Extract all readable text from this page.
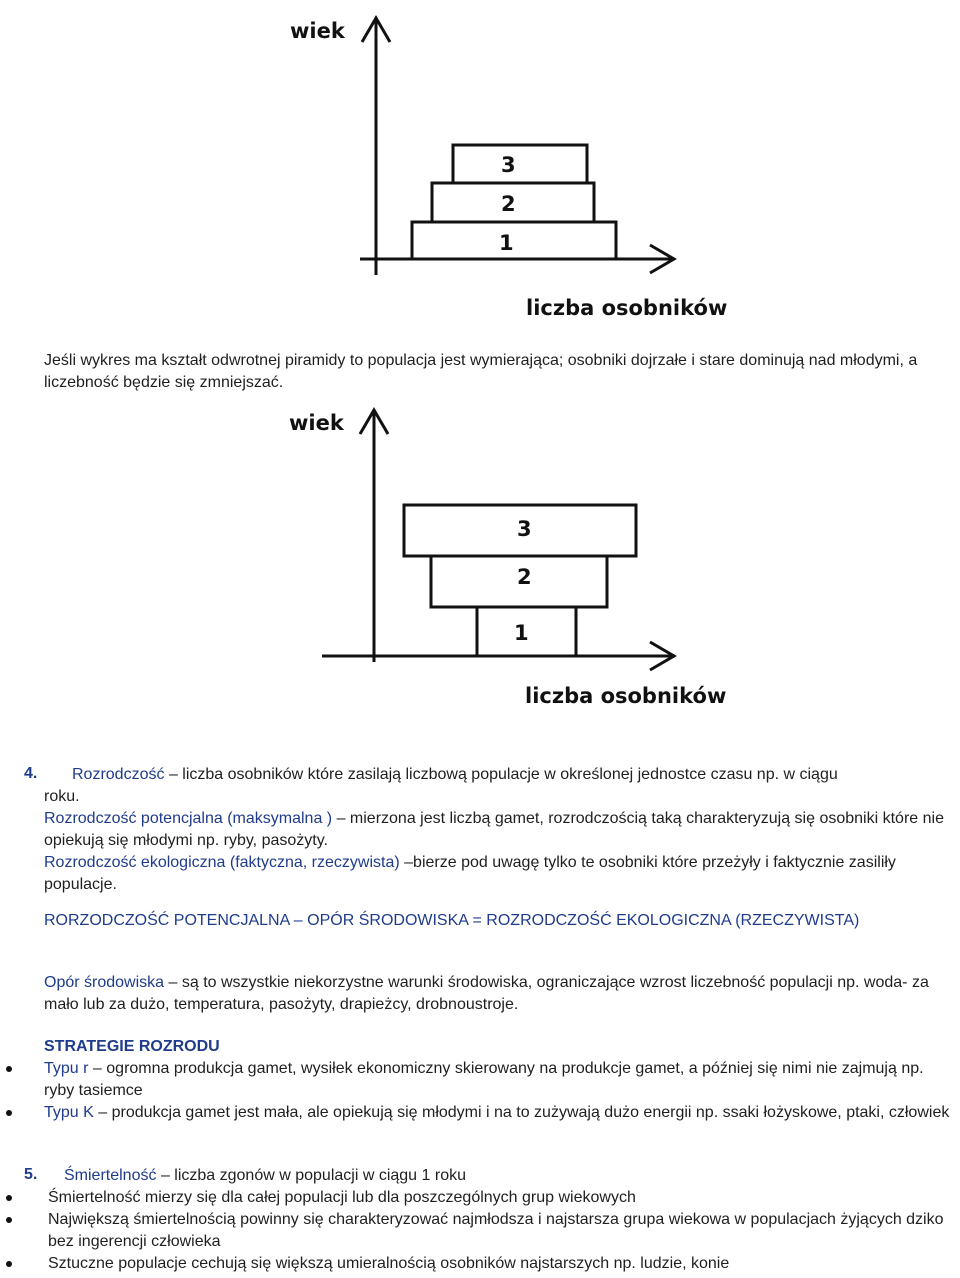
3
2
1
wiek
liczba osobników

Jeśli wykres ma kształt odwrotnej piramidy to populacja jest wymierająca; osobniki dojrzałe i stare dominują nad młodymi, a liczebność będzie się zmniejszać.

3
2
1
wiek
liczba osobników
4. Rozrodczość – liczba osobników które zasilają liczbową populacje w określonej jednostce czasu np. w ciągu

roku.

Rozrodczość potencjalna (maksymalna ) – mierzona jest liczbą gamet, rozrodczością taką charakteryzują się osobniki które nie opiekują się młodymi np. ryby, pasożyty.

Rozrodczość ekologiczna (faktyczna, rzeczywista) –bierze pod uwagę tylko te osobniki które przeżyły i faktycznie zasiliły populacje.

RORZODCZOŚĆ POTENCJALNA – OPÓR ŚRODOWISKA = ROZRODCZOŚĆ EKOLOGICZNA (RZECZYWISTA)
Opór środowiska – są to wszystkie niekorzystne warunki środowiska, ograniczające wzrost liczebność populacji np. woda- za mało lub za dużo, temperatura, pasożyty, drapieżcy, drobnoustroje.
STRATEGIE ROZRODU
Typu r – ogromna produkcja gamet, wysiłek ekonomiczny skierowany na produkcje gamet, a później się nimi nie zajmują np. ryby tasiemce
Typu K – produkcja gamet jest mała, ale opiekują się młodymi i na to zużywają dużo energii np. ssaki łożyskowe, ptaki, człowiek
5. Śmiertelność – liczba zgonów w populacji w ciągu 1 roku
Śmiertelność mierzy się dla całej populacji lub dla poszczególnych grup wiekowych
Największą śmiertelnością powinny się charakteryzować najmłodsza i najstarsza grupa wiekowa w populacjach żyjących dziko bez ingerencji człowieka
Sztuczne populacje cechują się większą umieralnością osobników najstarszych np. ludzie, konie
